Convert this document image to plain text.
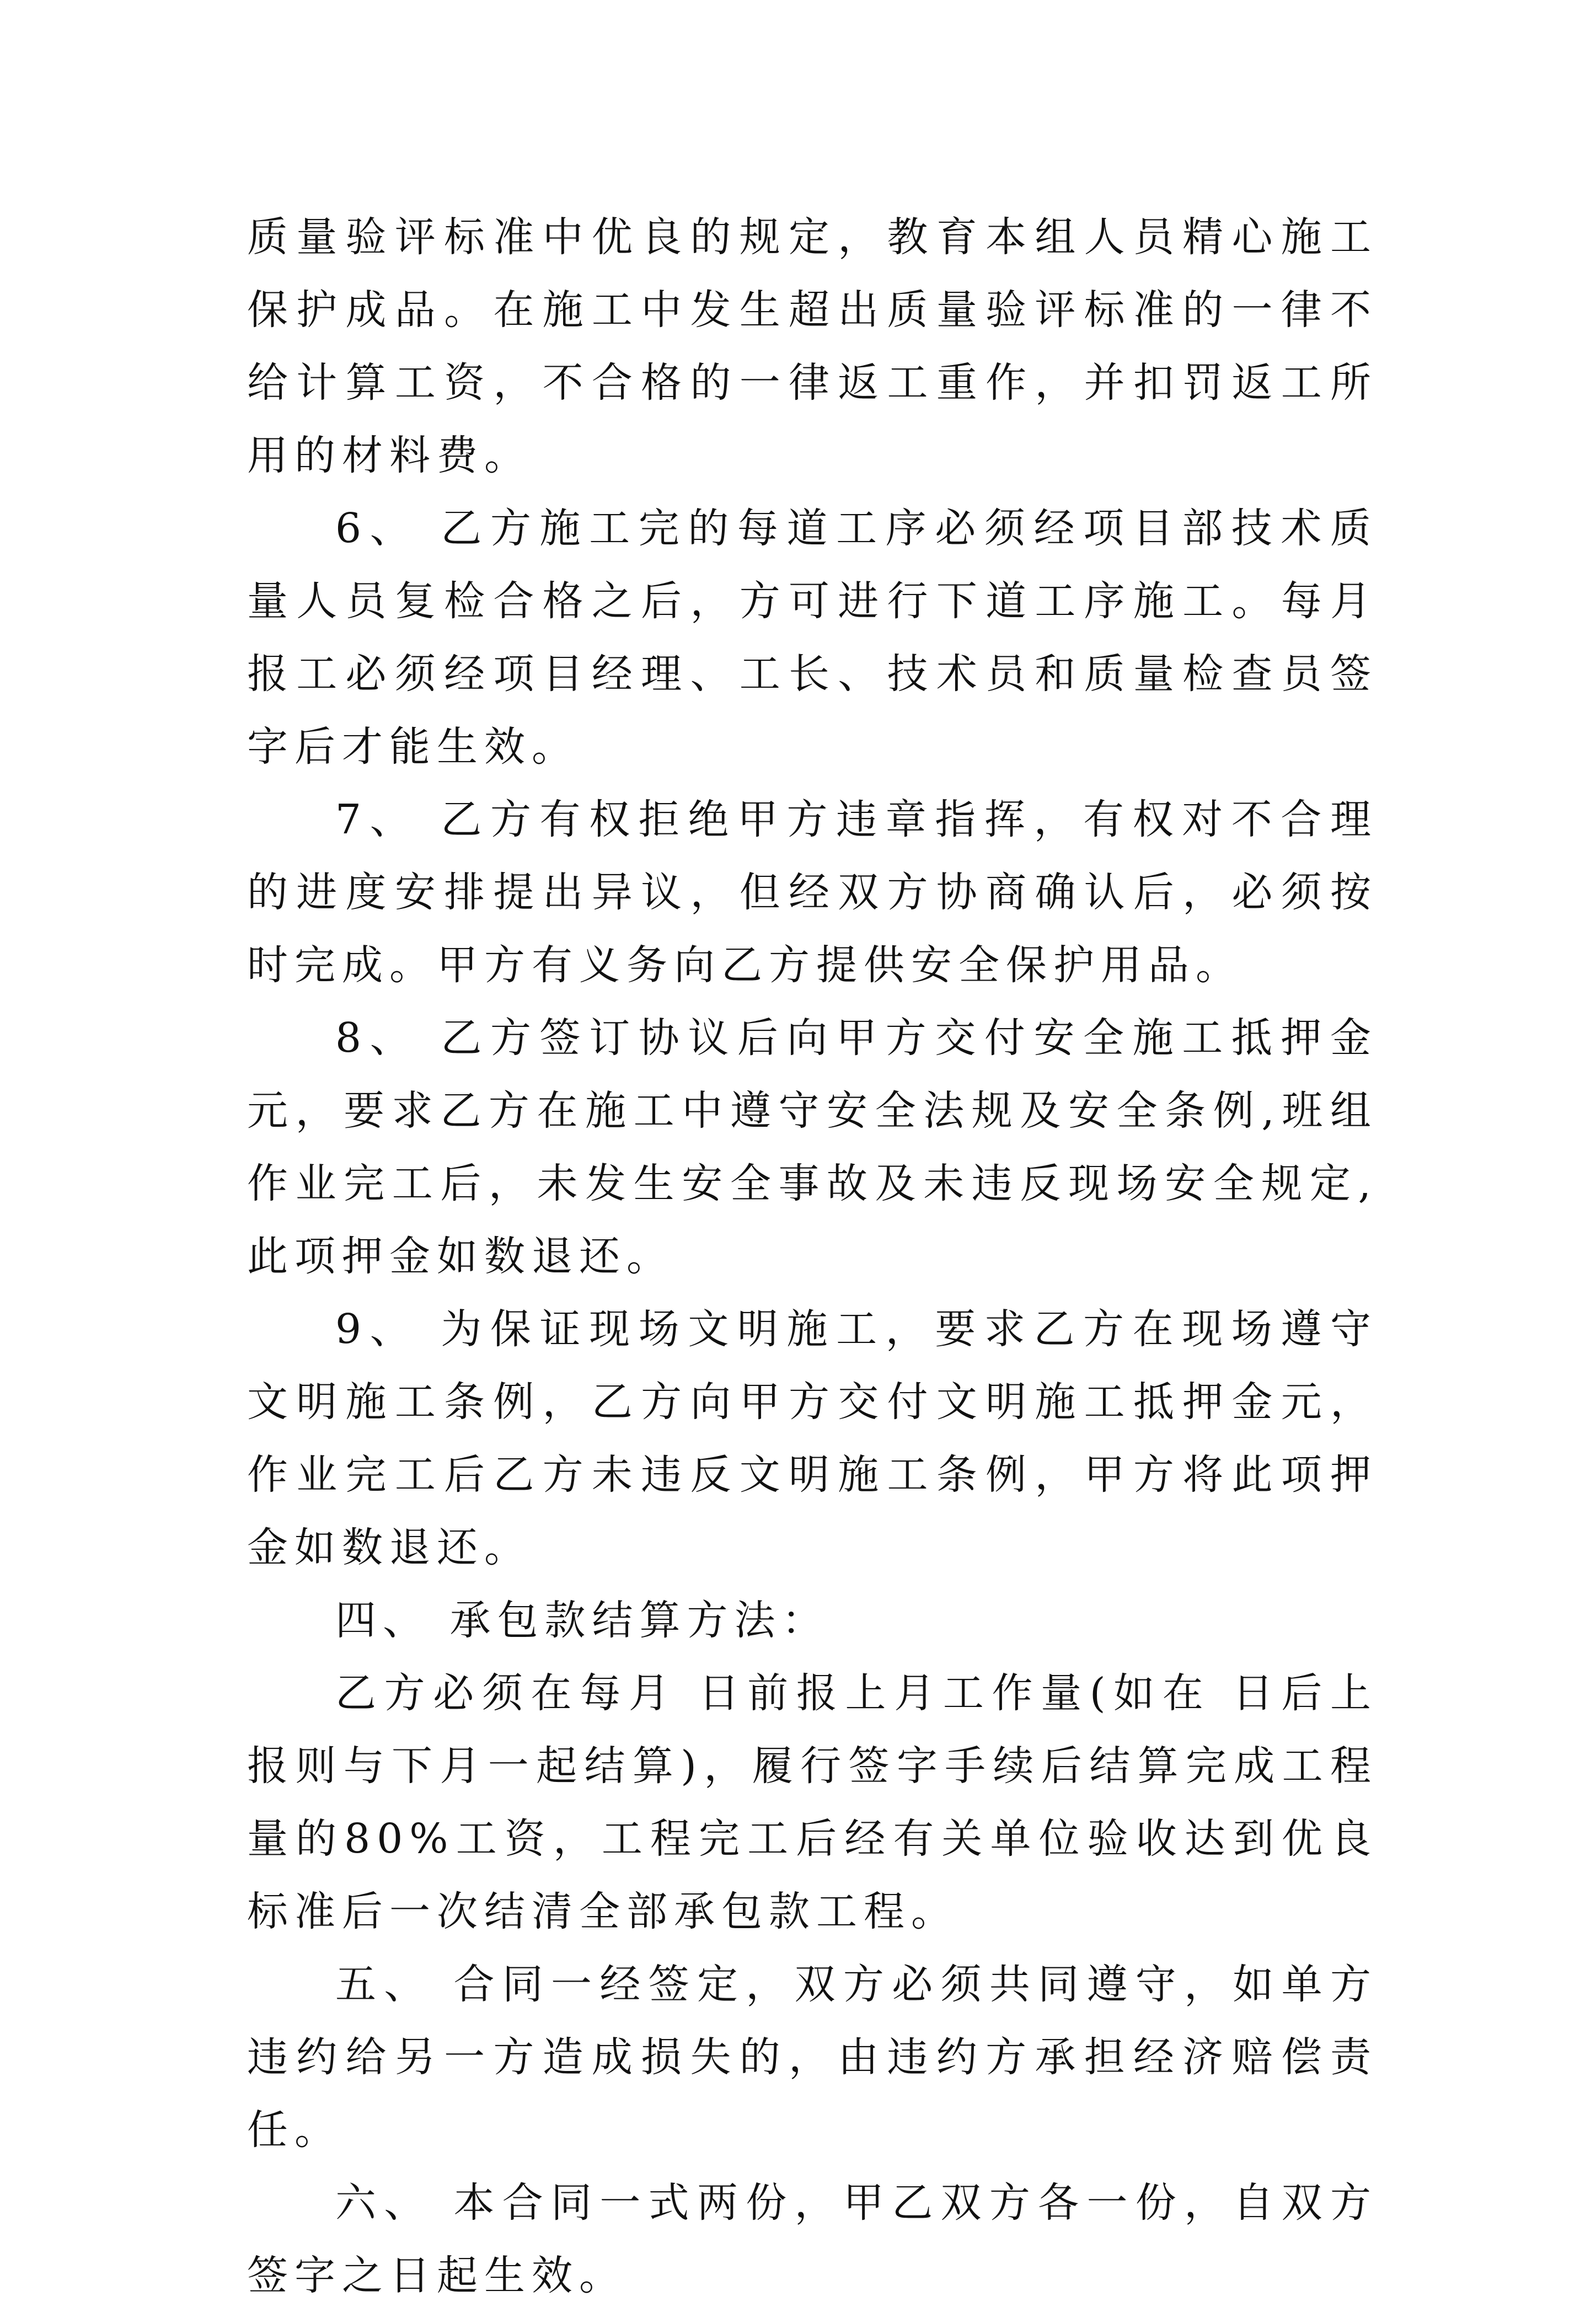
质量验评标准中优良的规定，教育本组人员精心施工保护成品。在施工中发生超出质量验评标准的一律不给计算工资，不合格的一律返工重作，并扣罚返工所用的材料费。

6、 乙方施工完的每道工序必须经项目部技术质量人员复检合格之后，方可进行下道工序施工。每月报工必须经项目经理、工长、技术员和质量检查员签字后才能生效。

7、 乙方有权拒绝甲方违章指挥，有权对不合理的进度安排提出异议，但经双方协商确认后，必须按时完成。甲方有义务向乙方提供安全保护用品。

8、 乙方签订协议后向甲方交付安全施工抵押金元，要求乙方在施工中遵守安全法规及安全条例,班组作业完工后，未发生安全事故及未违反现场安全规定,此项押金如数退还。

9、 为保证现场文明施工，要求乙方在现场遵守文明施工条例，乙方向甲方交付文明施工抵押金元，作业完工后乙方未违反文明施工条例，甲方将此项押金如数退还。

四、 承包款结算方法：

乙方必须在每月 日前报上月工作量(如在 日后上报则与下月一起结算)，履行签字手续后结算完成工程量的80%工资，工程完工后经有关单位验收达到优良标准后一次结清全部承包款工程。

五、 合同一经签定，双方必须共同遵守，如单方违约给另一方造成损失的，由违约方承担经济赔偿责任。

六、 本合同一式两份，甲乙双方各一份，自双方签字之日起生效。
